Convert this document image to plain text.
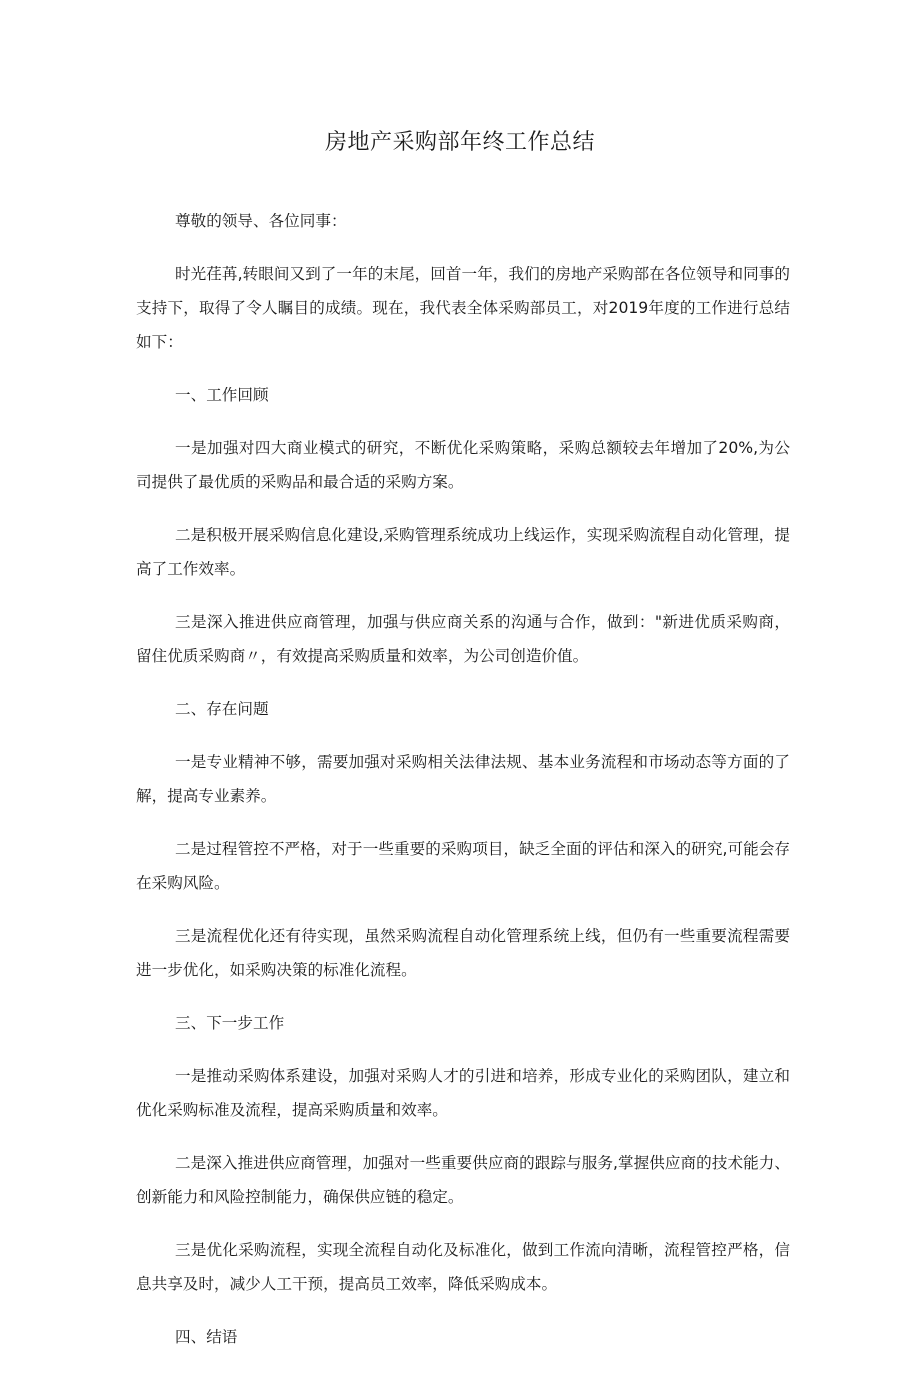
房地产采购部年终工作总结

尊敬的领导、各位同事：

时光荏苒,转眼间又到了一年的末尾，回首一年，我们的房地产采购部在各位领导和同事的支持下，取得了令人瞩目的成绩。现在，我代表全体采购部员工，对2019年度的工作进行总结如下：

一、工作回顾

一是加强对四大商业模式的研究，不断优化采购策略，采购总额较去年增加了20%,为公司提供了最优质的采购品和最合适的采购方案。

二是积极开展采购信息化建设,采购管理系统成功上线运作，实现采购流程自动化管理，提高了工作效率。

三是深入推进供应商管理，加强与供应商关系的沟通与合作，做到："新进优质采购商，留住优质采购商〃，有效提高采购质量和效率，为公司创造价值。

二、存在问题

一是专业精神不够，需要加强对采购相关法律法规、基本业务流程和市场动态等方面的了解，提高专业素养。

二是过程管控不严格，对于一些重要的采购项目，缺乏全面的评估和深入的研究,可能会存在采购风险。

三是流程优化还有待实现，虽然采购流程自动化管理系统上线，但仍有一些重要流程需要进一步优化，如采购决策的标准化流程。

三、下一步工作

一是推动采购体系建设，加强对采购人才的引进和培养，形成专业化的采购团队，建立和优化采购标准及流程，提高采购质量和效率。

二是深入推进供应商管理，加强对一些重要供应商的跟踪与服务,掌握供应商的技术能力、创新能力和风险控制能力，确保供应链的稳定。

三是优化采购流程，实现全流程自动化及标准化，做到工作流向清晰，流程管控严格，信息共享及时，减少人工干预，提高员工效率，降低采购成本。

四、结语
